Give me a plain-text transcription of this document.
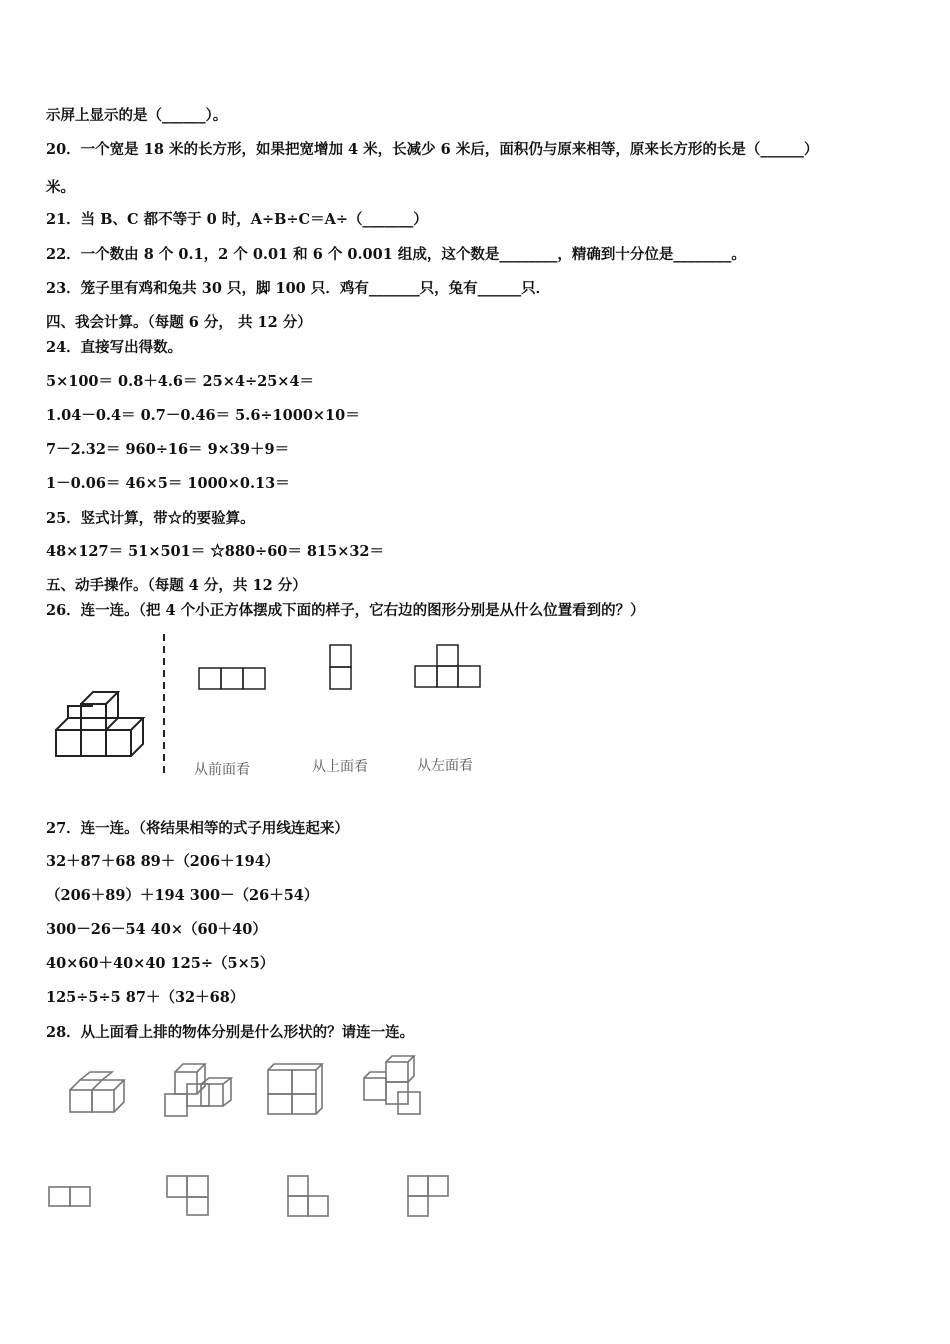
示屏上显示的是（______）。
20．一个宽是 18 米的长方形，如果把宽增加 4 米，长减少 6 米后，面积仍与原来相等，原来长方形的长是（______）
米。
21．当 B、C 都不等于 0 时，A÷B÷C＝A÷（_______）
22．一个数由 8 个 0.1，2 个 0.01 和 6 个 0.001 组成，这个数是________，精确到十分位是________。
23．笼子里有鸡和兔共 30 只，脚 100 只．鸡有_______只，兔有______只．
四、我会计算。（每题 6 分， 共 12 分）
24．直接写出得数。
5×100＝ 0.8＋4.6＝ 25×4÷25×4＝
1.04－0.4＝ 0.7－0.46＝ 5.6÷1000×10＝
7－2.32＝ 960÷16＝ 9×39＋9＝
1－0.06＝ 46×5＝ 1000×0.13＝
25．竖式计算，带☆的要验算。
48×127＝ 51×501＝ ☆880÷60＝ 815×32＝
五、动手操作。（每题 4 分，共 12 分）
26．连一连。（把 4 个小正方体摆成下面的样子，它右边的图形分别是从什么位置看到的？）
从前面看	从上面看	从左面看
27．连一连。（将结果相等的式子用线连起来）
32＋87＋68 89＋（206＋194）
（206＋89）＋194 300－（26＋54）
300－26－54 40×（60＋40）
40×60＋40×40 125÷（5×5）
125÷5÷5 87＋（32＋68）
28．从上面看上排的物体分别是什么形状的？请连一连。
